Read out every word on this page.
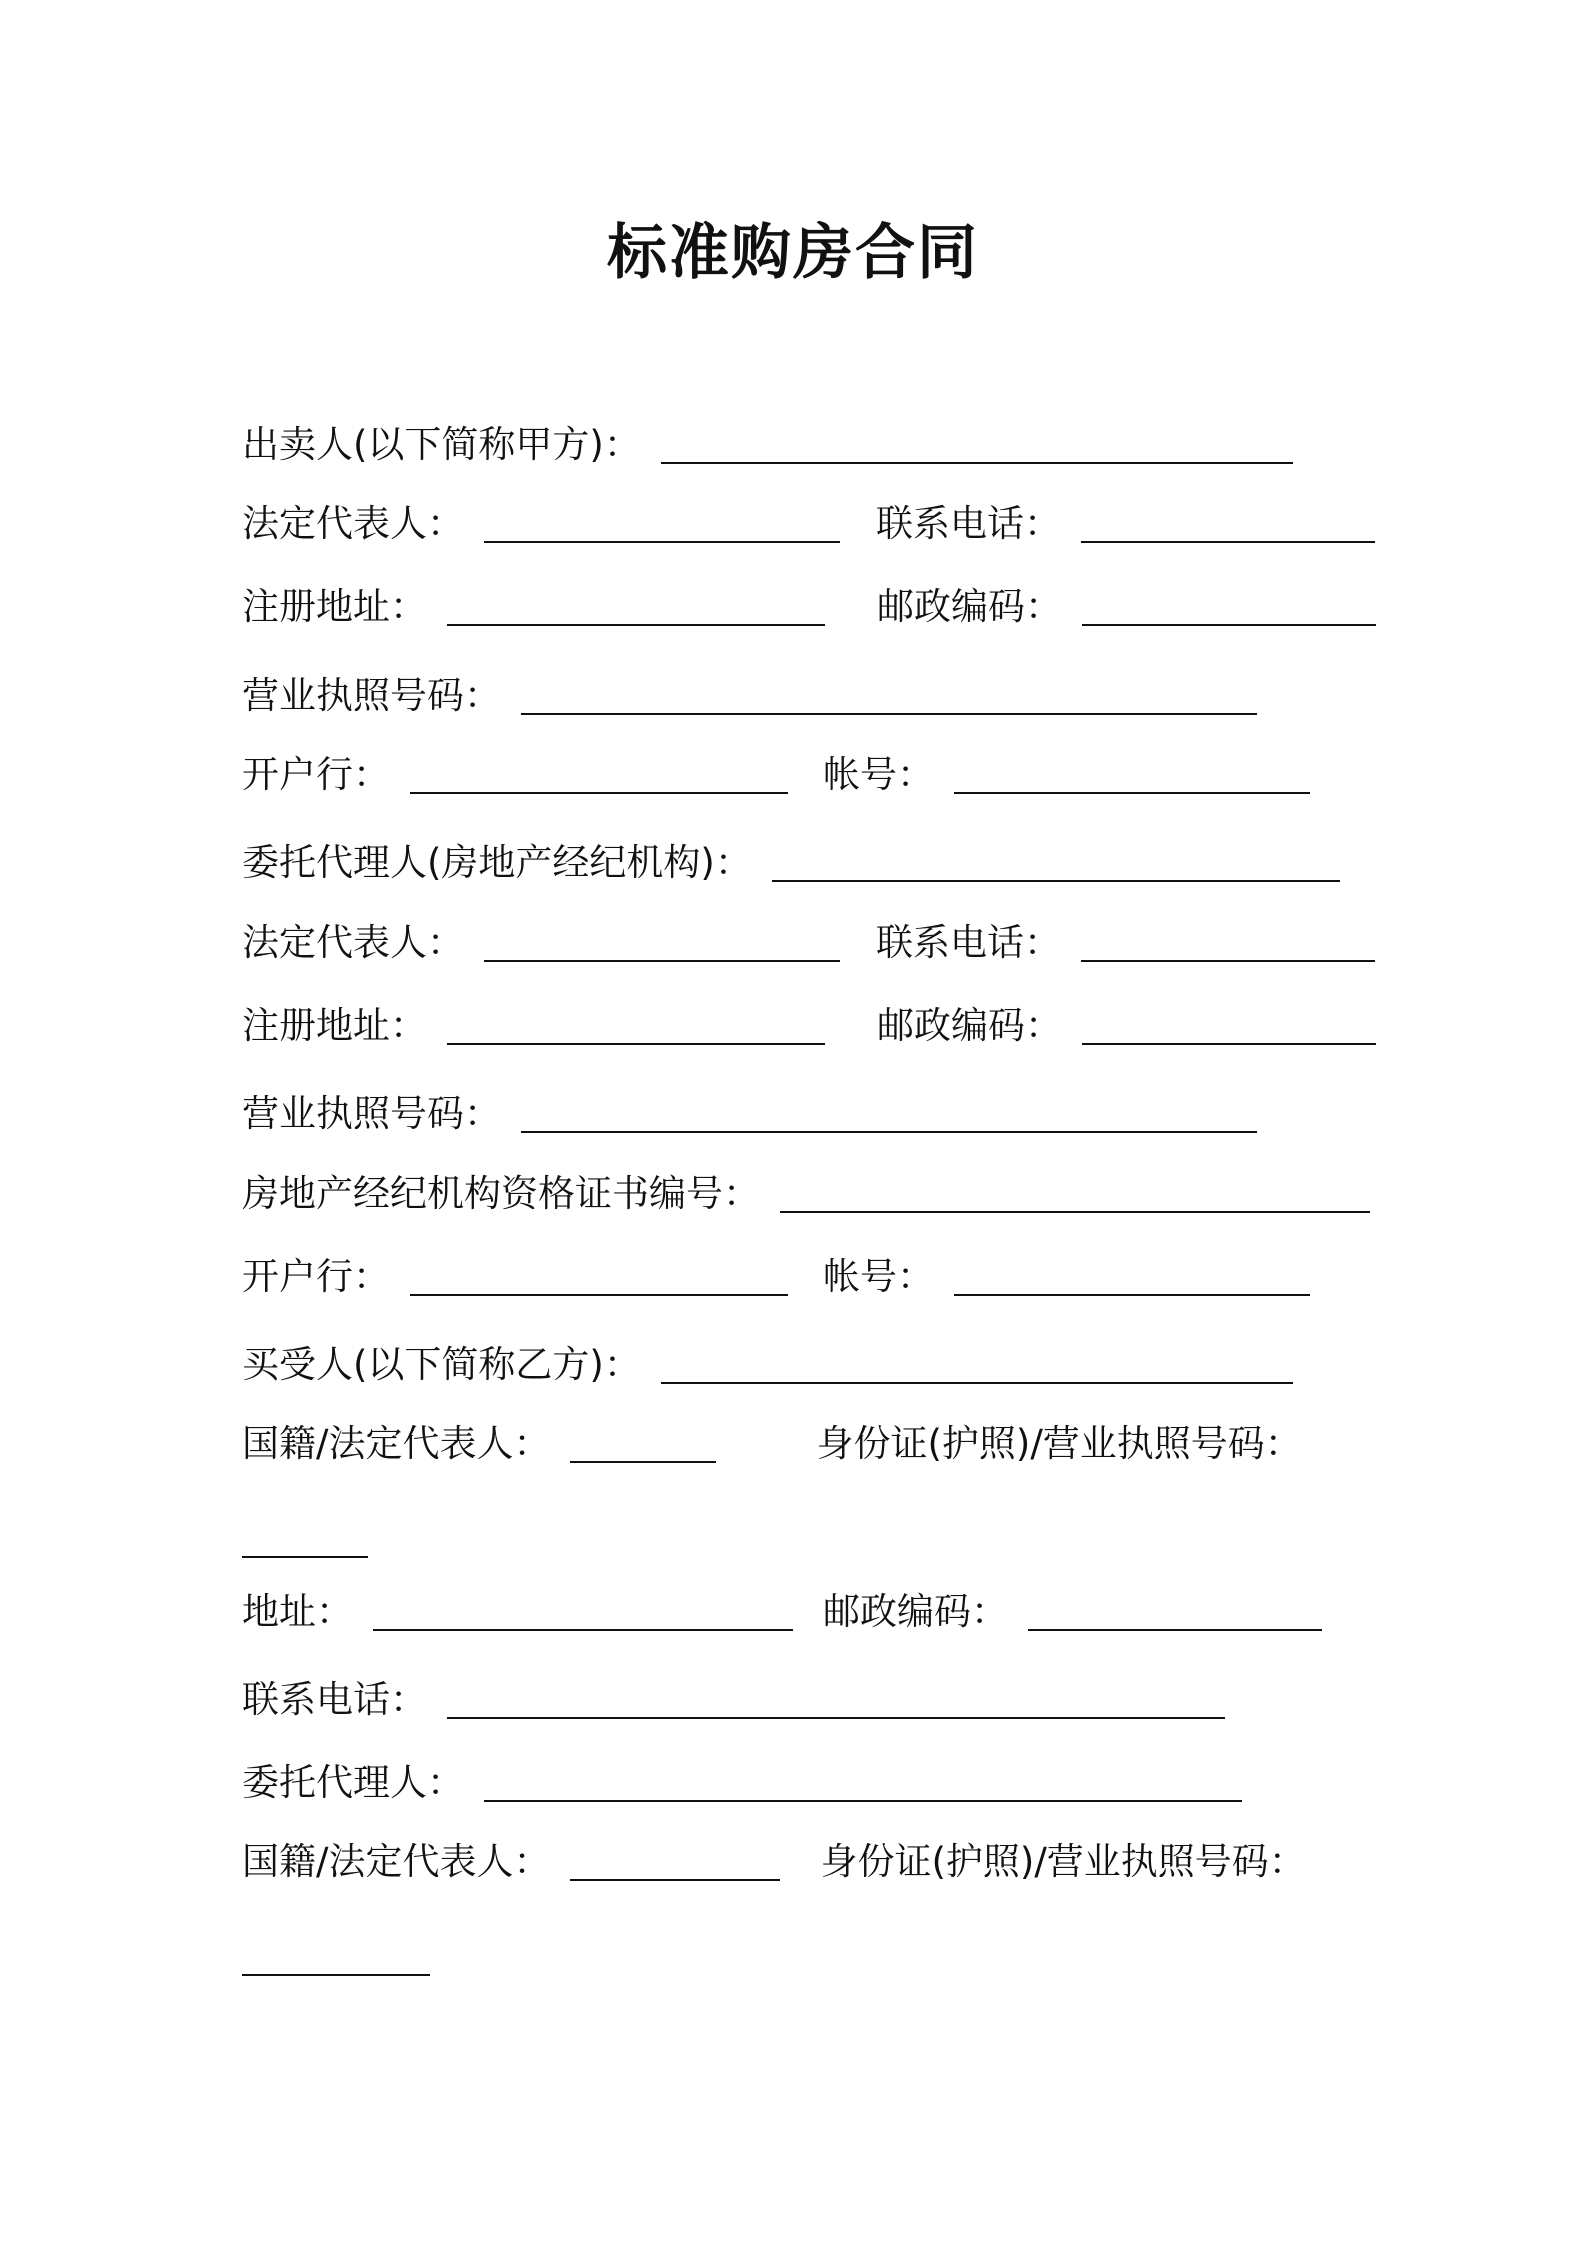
标准购房合同
出卖人(以下简称甲方)：
法定代表人：	联系电话：
注册地址：	邮政编码：
营业执照号码：
开户行：	帐号：
委托代理人(房地产经纪机构)：
法定代表人：	联系电话：
注册地址：	邮政编码：
营业执照号码：
房地产经纪机构资格证书编号：
开户行：	帐号：
买受人(以下简称乙方)：
国籍/法定代表人：	身份证(护照)/营业执照号码：
地址：	邮政编码：
联系电话：
委托代理人：
国籍/法定代表人：	身份证(护照)/营业执照号码：
